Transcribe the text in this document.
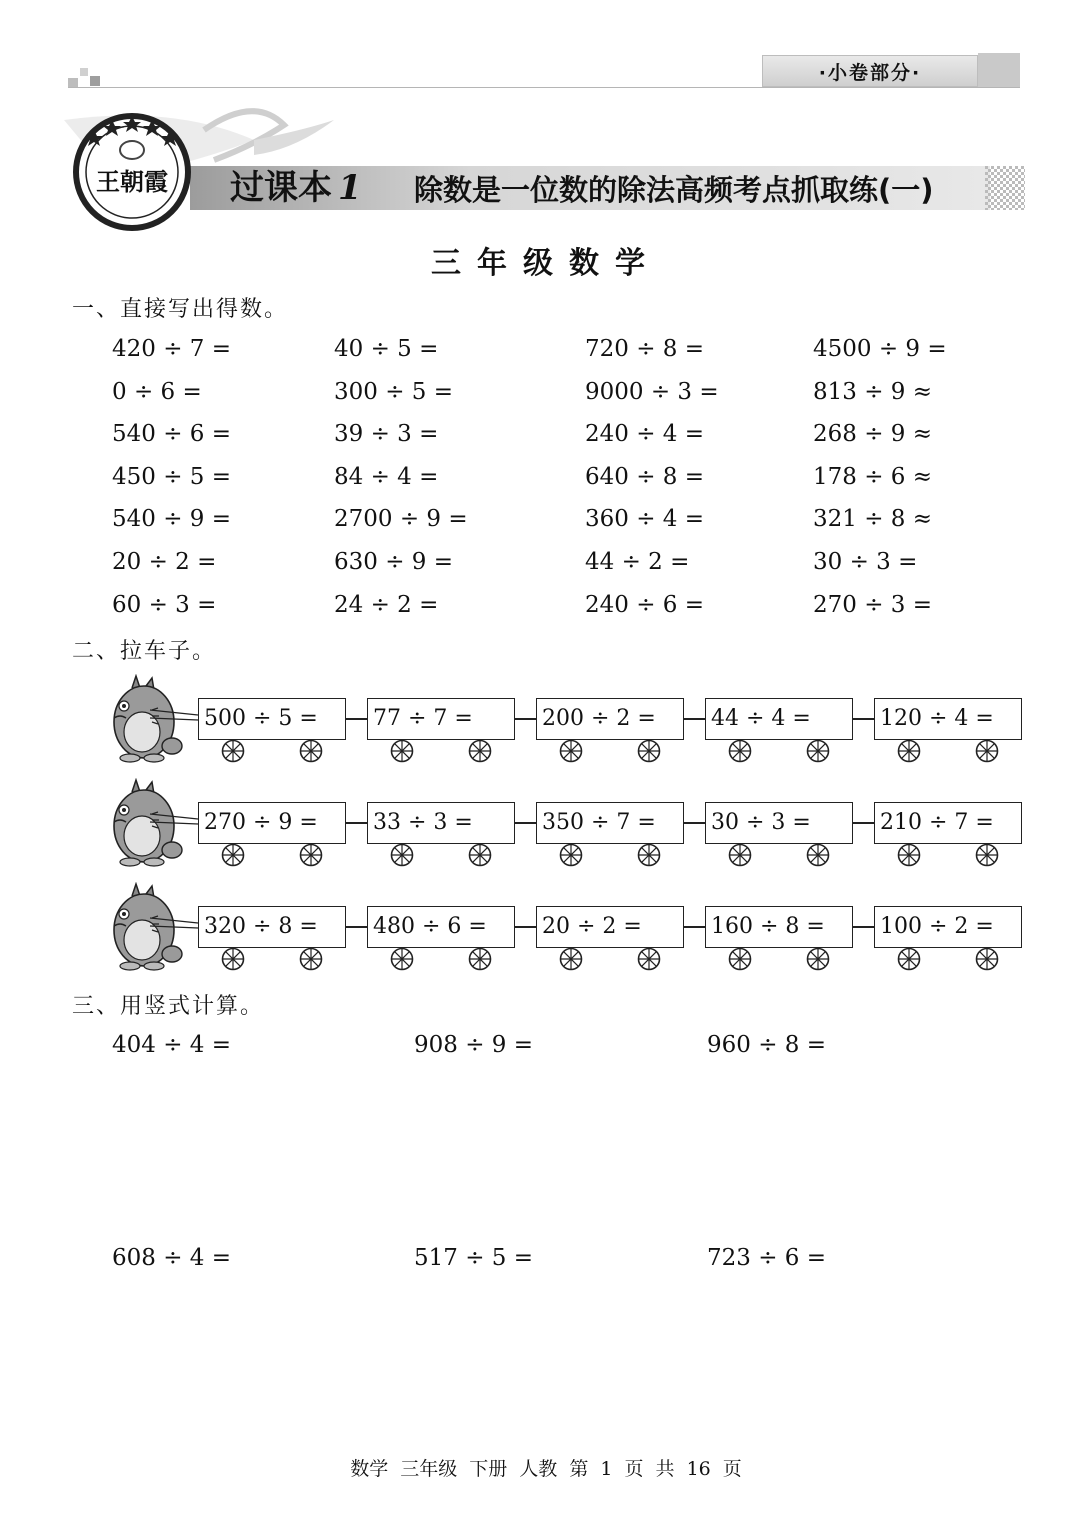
·小卷部分·
王朝霞 过课本 1 除数是一位数的除法高频考点抓取练(一)
三年级数学
一、直接写出得数。
420 ÷ 7 =	40 ÷ 5 =	720 ÷ 8 =	4500 ÷ 9 =
0 ÷ 6 =	300 ÷ 5 =	9000 ÷ 3 =	813 ÷ 9 ≈
540 ÷ 6 =	39 ÷ 3 =	240 ÷ 4 =	268 ÷ 9 ≈
450 ÷ 5 =	84 ÷ 4 =	640 ÷ 8 =	178 ÷ 6 ≈
540 ÷ 9 =	2700 ÷ 9 =	360 ÷ 4 =	321 ÷ 8 ≈
20 ÷ 2 =	630 ÷ 9 =	44 ÷ 2 =	30 ÷ 3 =
60 ÷ 3 =	24 ÷ 2 =	240 ÷ 6 =	270 ÷ 3 =
二、拉车子。
500 ÷ 5 =	77 ÷ 7 =	200 ÷ 2 =	44 ÷ 4 =	120 ÷ 4 =
270 ÷ 9 =	33 ÷ 3 =	350 ÷ 7 =	30 ÷ 3 =	210 ÷ 7 =
320 ÷ 8 =	480 ÷ 6 =	20 ÷ 2 =	160 ÷ 8 =	100 ÷ 2 =
三、用竖式计算。
404 ÷ 4 =	908 ÷ 9 =	960 ÷ 8 =
608 ÷ 4 =	517 ÷ 5 =	723 ÷ 6 =
数学 三年级 下册 人教 第 1 页 共 16 页
